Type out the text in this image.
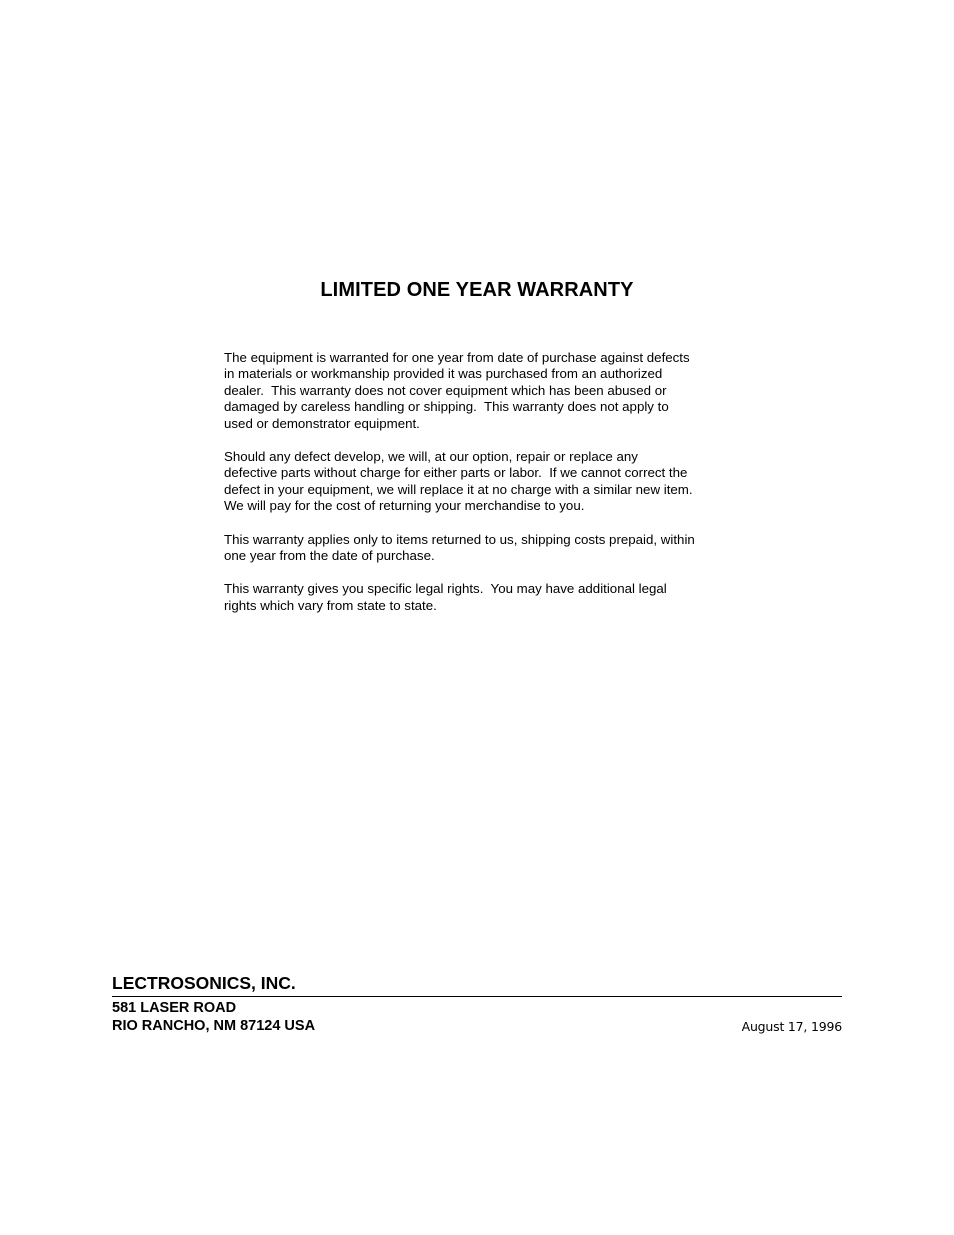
LIMITED ONE YEAR WARRANTY

The equipment is warranted for one year from date of purchase against defects
in materials or workmanship provided it was purchased from an authorized
dealer.  This warranty does not cover equipment which has been abused or
damaged by careless handling or shipping.  This warranty does not apply to
used or demonstrator equipment.

Should any defect develop, we will, at our option, repair or replace any
defective parts without charge for either parts or labor.  If we cannot correct the
defect in your equipment, we will replace it at no charge with a similar new item.
We will pay for the cost of returning your merchandise to you.

This warranty applies only to items returned to us, shipping costs prepaid, within
one year from the date of purchase.

This warranty gives you specific legal rights.  You may have additional legal
rights which vary from state to state.

LECTROSONICS, INC.
581 LASER ROAD
RIO RANCHO, NM 87124 USA	August 17, 1996
